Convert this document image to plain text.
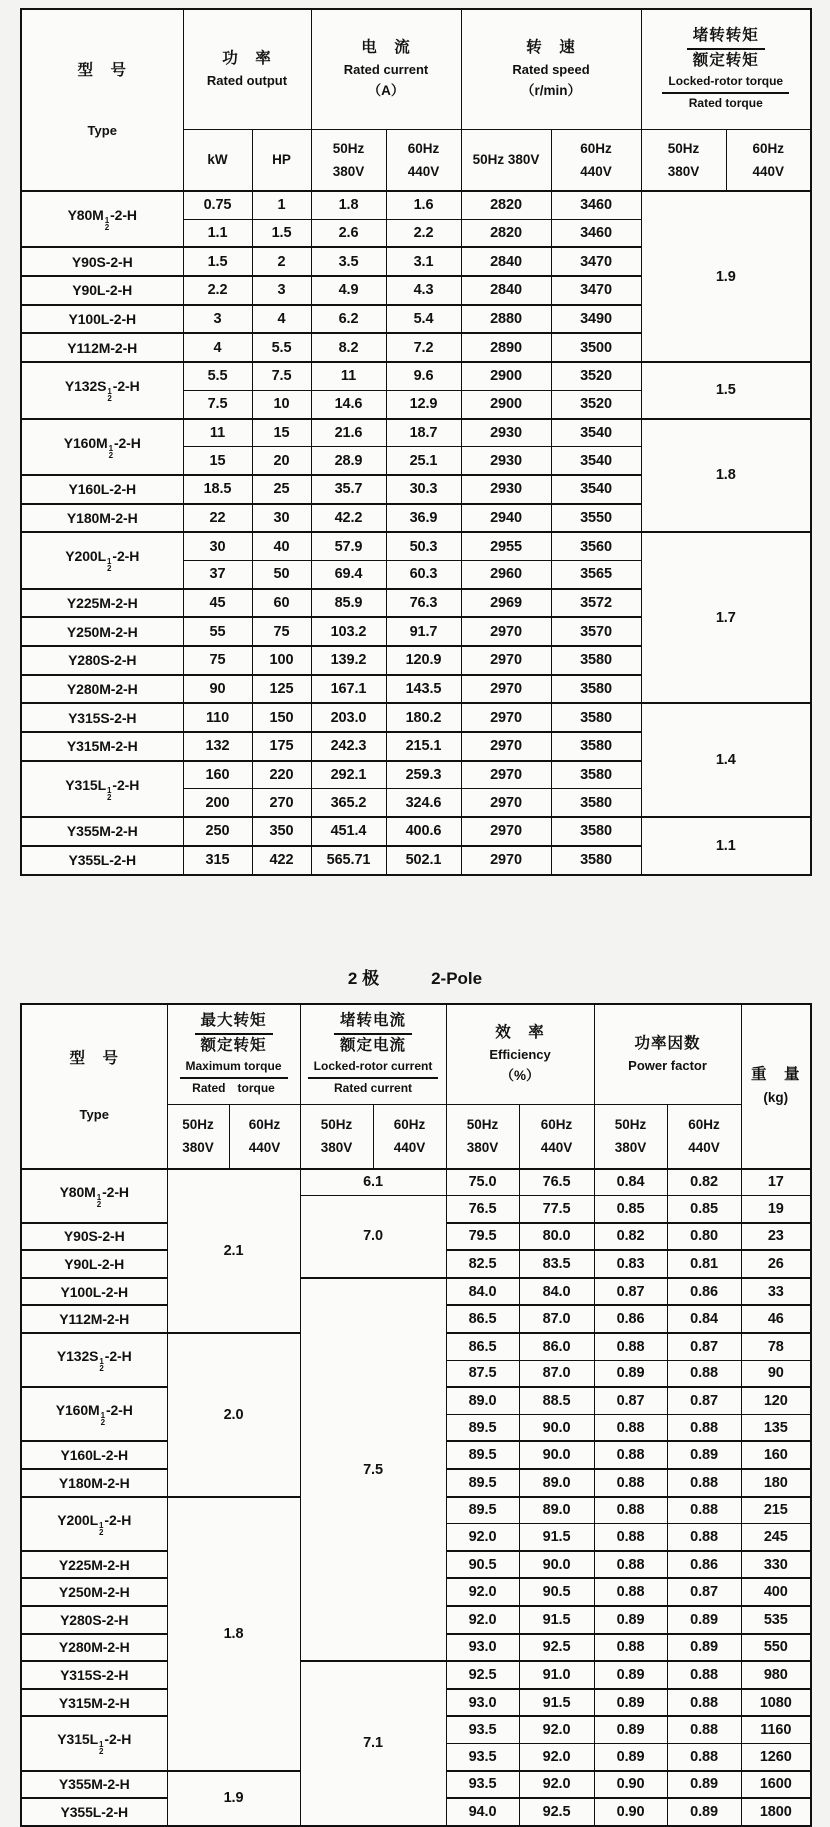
型　号
Type

功　率
Rated output

电　流
Rated current
（A）

转　速
Rated speed
（r/min）

堵转转矩
额定转矩
Locked-rotor torque
Rated torque

kW	HP	
50Hz
380V

60Hz
440V
	50Hz 380V	
60Hz
440V

50Hz
380V

60Hz
440V

Y80M 1
2
-2-H	0.75	1	1.8	1.6	2820	3460	1.9	
	1.1	1.5	2.6	2.2	2820	3460		
Y90S-2-H	1.5	2	3.5	3.1	2840	3470		
Y90L-2-H	2.2	3	4.9	4.3	2840	3470		
Y100L-2-H	3	4	6.2	5.4	2880	3490		
Y112M-2-H	4	5.5	8.2	7.2	2890	3500		
Y132S 1
2
-2-H	5.5	7.5	11	9.6	2900	3520	1.5	
	7.5	10	14.6	12.9	2900	3520		
Y160M 1
2
-2-H	11	15	21.6	18.7	2930	3540	1.8	
	15	20	28.9	25.1	2930	3540		
Y160L-2-H	18.5	25	35.7	30.3	2930	3540		
Y180M-2-H	22	30	42.2	36.9	2940	3550		
Y200L 1
2
-2-H	30	40	57.9	50.3	2955	3560	1.7	
	37	50	69.4	60.3	2960	3565		
Y225M-2-H	45	60	85.9	76.3	2969	3572		
Y250M-2-H	55	75	103.2	91.7	2970	3570		
Y280S-2-H	75	100	139.2	120.9	2970	3580		
Y280M-2-H	90	125	167.1	143.5	2970	3580		
Y315S-2-H	110	150	203.0	180.2	2970	3580	1.4	
Y315M-2-H	132	175	242.3	215.1	2970	3580		
Y315L 1
2
-2-H	160	220	292.1	259.3	2970	3580		
	200	270	365.2	324.6	2970	3580		
Y355M-2-H	250	350	451.4	400.6	2970	3580	1.1	
Y355L-2-H	315	422	565.71	502.1	2970	3580		
2 极	2-Pole
型　号
Type

最大转矩
额定转矩
Maximum torque
Rated　torque

堵转电流
额定电流
Locked-rotor current
Rated current

效　率
Efficiency
（%）

功率因数
Power factor

重　量
(kg)

50Hz
380V

60Hz
440V

50Hz
380V

60Hz
440V

50Hz
380V

60Hz
440V

50Hz
380V

60Hz
440V

Y80M 1
2
-2-H	2.1		6.1		75.0	76.5	0.84	0.82	17
			7.0		76.5	77.5	0.85	0.85	19
Y90S-2-H					79.5	80.0	0.82	0.80	23
Y90L-2-H					82.5	83.5	0.83	0.81	26
Y100L-2-H			7.5		84.0	84.0	0.87	0.86	33
Y112M-2-H					86.5	87.0	0.86	0.84	46
Y132S 1
2
-2-H	2.0				86.5	86.0	0.88	0.87	78
					87.5	87.0	0.89	0.88	90
Y160M 1
2
-2-H					89.0	88.5	0.87	0.87	120
					89.5	90.0	0.88	0.88	135
Y160L-2-H					89.5	90.0	0.88	0.89	160
Y180M-2-H					89.5	89.0	0.88	0.88	180
Y200L 1
2
-2-H	1.8				89.5	89.0	0.88	0.88	215
					92.0	91.5	0.88	0.88	245
Y225M-2-H					90.5	90.0	0.88	0.86	330
Y250M-2-H					92.0	90.5	0.88	0.87	400
Y280S-2-H					92.0	91.5	0.89	0.89	535
Y280M-2-H					93.0	92.5	0.88	0.89	550
Y315S-2-H			7.1		92.5	91.0	0.89	0.88	980
Y315M-2-H					93.0	91.5	0.89	0.88	1080
Y315L 1
2
-2-H					93.5	92.0	0.89	0.88	1160
					93.5	92.0	0.89	0.88	1260
Y355M-2-H	1.9				93.5	92.0	0.90	0.89	1600
Y355L-2-H					94.0	92.5	0.90	0.89	1800
